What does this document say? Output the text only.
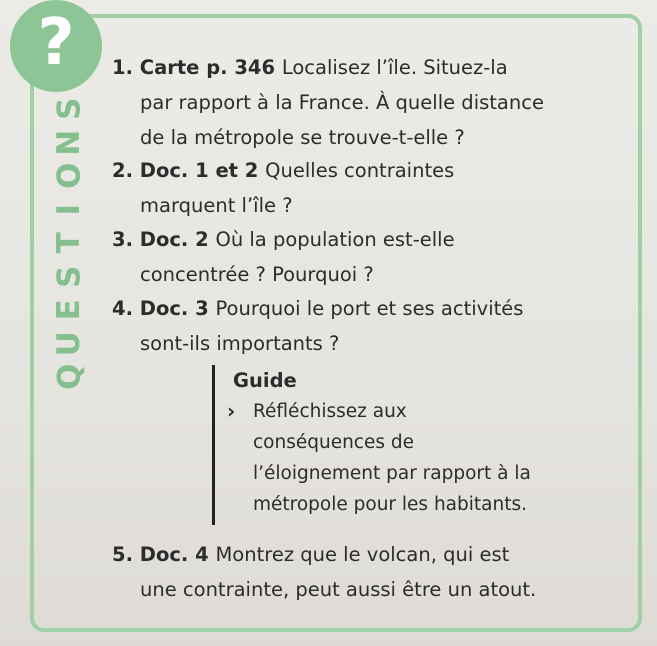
?
S
N
O
I
T
S
E
U
Q
1. Carte p. 346 Localisez l’île. Situez-la
par rapport à la France. À quelle distance
de la métropole se trouve-t-elle ?
2. Doc. 1 et 2 Quelles contraintes
marquent l’île ?
3. Doc. 2 Où la population est-elle
concentrée ? Pourquoi ?
4. Doc. 3 Pourquoi le port et ses activités
sont-ils importants ?
Guide
› Réfléchissez aux
conséquences de
l’éloignement par rapport à la
métropole pour les habitants.
5. Doc. 4 Montrez que le volcan, qui est
une contrainte, peut aussi être un atout.
